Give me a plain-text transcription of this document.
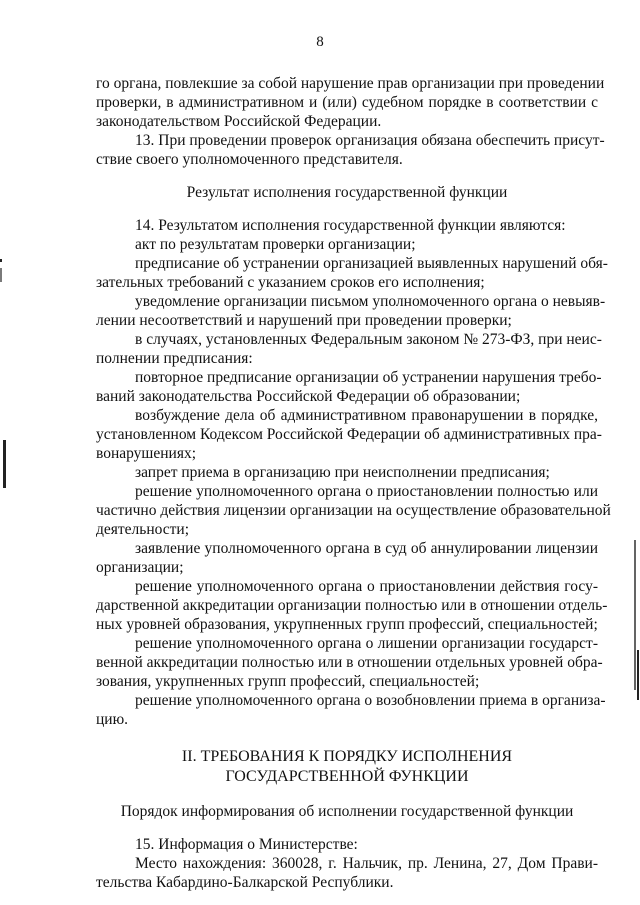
8
го органа, повлекшие за собой нарушение прав организации при проведении
проверки, в административном и (или) судебном порядке в соответствии с
законодательством Российской Федерации.
13. При проведении проверок организация обязана обеспечить присут-
ствие своего уполномоченного представителя.
Результат исполнения государственной функции
14. Результатом исполнения государственной функции являются:
акт по результатам проверки организации;
предписание об устранении организацией выявленных нарушений обя-
зательных требований с указанием сроков его исполнения;
уведомление организации письмом уполномоченного органа о невыяв-
лении несоответствий и нарушений при проведении проверки;
в случаях, установленных Федеральным законом № 273-ФЗ, при неис-
полнении предписания:
повторное предписание организации об устранении нарушения требо-
ваний законодательства Российской Федерации об образовании;
возбуждение дела об административном правонарушении в порядке,
установленном Кодексом Российской Федерации об административных пра-
вонарушениях;
запрет приема в организацию при неисполнении предписания;
решение уполномоченного органа о приостановлении полностью или
частично действия лицензии организации на осуществление образовательной
деятельности;
заявление уполномоченного органа в суд об аннулировании лицензии
организации;
решение уполномоченного органа о приостановлении действия госу-
дарственной аккредитации организации полностью или в отношении отдель-
ных уровней образования, укрупненных групп профессий, специальностей;
решение уполномоченного органа о лишении организации государст-
венной аккредитации полностью или в отношении отдельных уровней обра-
зования, укрупненных групп профессий, специальностей;
решение уполномоченного органа о возобновлении приема в организа-
цию.
II. ТРЕБОВАНИЯ К ПОРЯДКУ ИСПОЛНЕНИЯ
ГОСУДАРСТВЕННОЙ ФУНКЦИИ
Порядок информирования об исполнении государственной функции
15. Информация о Министерстве:
Место нахождения: 360028, г. Нальчик, пр. Ленина, 27, Дом Прави-
тельства Кабардино-Балкарской Республики.
